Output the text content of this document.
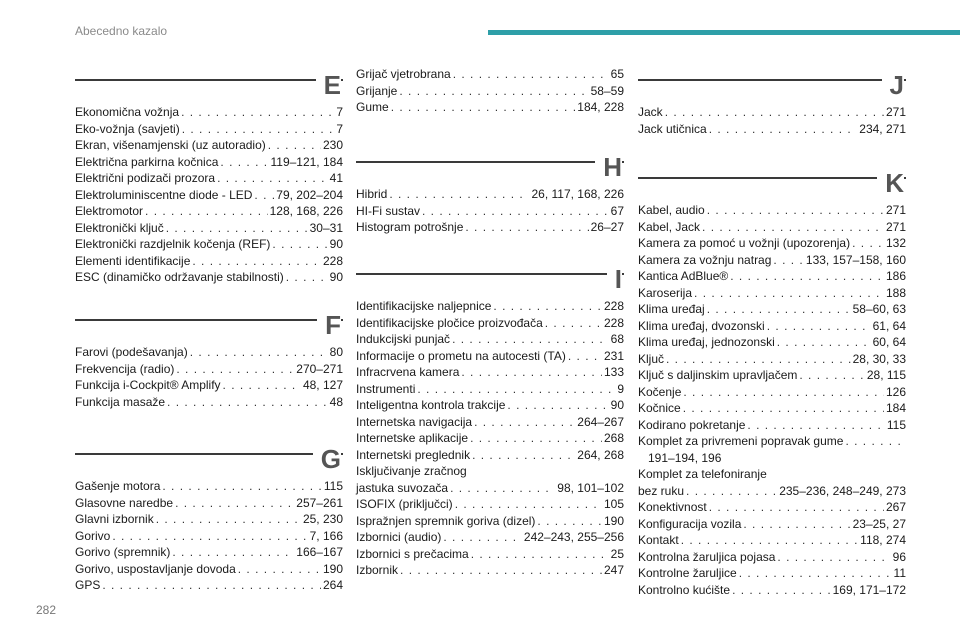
Abecedno kazalo
282
E
Ekonomična vožnja . . .	7
Eko-vožnja (savjeti) . . .	7
Ekran, višenamjenski (uz autoradio) . . .	230
Električna parkirna kočnica . . .	119–121, 184
Električni podizači prozora . . .	41
Elektroluminiscentne diode - LED . . . 79, 202–204
Elektromotor . . .	128, 168, 226
Elektronički ključ . . .	30–31
Elektronički razdjelnik kočenja (REF) . . .	90
Elementi identifikacije . . .	228
ESC (dinamičko održavanje stabilnosti) . . .	90
F
Farovi (podešavanja) . . .	80
Frekvencija (radio) . . .	270–271
Funkcija i-Cockpit® Amplify . . .	48, 127
Funkcija masaže . . .	48
G
Gašenje motora . . .	115
Glasovne naredbe . . .	257–261
Glavni izbornik . . .	25, 230
Gorivo . . .	7, 166
Gorivo (spremnik) . . .	166–167
Gorivo, uspostavljanje dovoda . . .	190
GPS . . .	264
Grijač vjetrobrana . . .	65
Grijanje . . .	58–59
Gume . . .	184, 228
H
Hibrid . . .	26, 117, 168, 226
HI-Fi sustav . . .	67
Histogram potrošnje . . .	26–27
I
Identifikacijske naljepnice . . .	228
Identifikacijske pločice proizvođača . . .	228
Indukcijski punjač . . .	68
Informacije o prometu na autocesti (TA) . . .	231
Infracrvena kamera . . .	133
Instrumenti . . .	9
Inteligentna kontrola trakcije . . .	90
Internetska navigacija . . .	264–267
Internetske aplikacije . . .	268
Internetski preglednik . . .	264, 268
Isključivanje zračnog
jastuka suvozača . . .	98, 101–102
ISOFIX (priključci) . . .	105
Ispražnjen spremnik goriva (dizel) . . .	190
Izbornici (audio) . . .	242–243, 255–256
Izbornici s prečacima . . .	25
Izbornik . . .	247
J
Jack . . .	271
Jack utičnica . . .	234, 271
K
Kabel, audio . . .	271
Kabel, Jack . . .	271
Kamera za pomoć u vožnji (upozorenja) . . .	132
Kamera za vožnju natrag . . .	133, 157–158, 160
Kantica AdBlue® . . .	186
Karoserija . . .	188
Klima uređaj . . .	58–60, 63
Klima uređaj, dvozonski . . .	61, 64
Klima uređaj, jednozonski . . .	60, 64
Ključ . . .	28, 30, 33
Ključ s daljinskim upravljačem . . .	28, 115
Kočenje . . .	126
Kočnice . . .	184
Kodirano pokretanje . . .	115
Komplet za privremeni popravak gume
. . .
191–194, 196
Komplet za telefoniranje
bez ruku . . .	235–236, 248–249, 273
Konektivnost . . .	267
Konfiguracija vozila . . .	23–25, 27
Kontakt . . .	118, 274
Kontrolna žaruljica pojasa . . .	96
Kontrolne žaruljice . . .	11
Kontrolno kućište . . .	169, 171–172
